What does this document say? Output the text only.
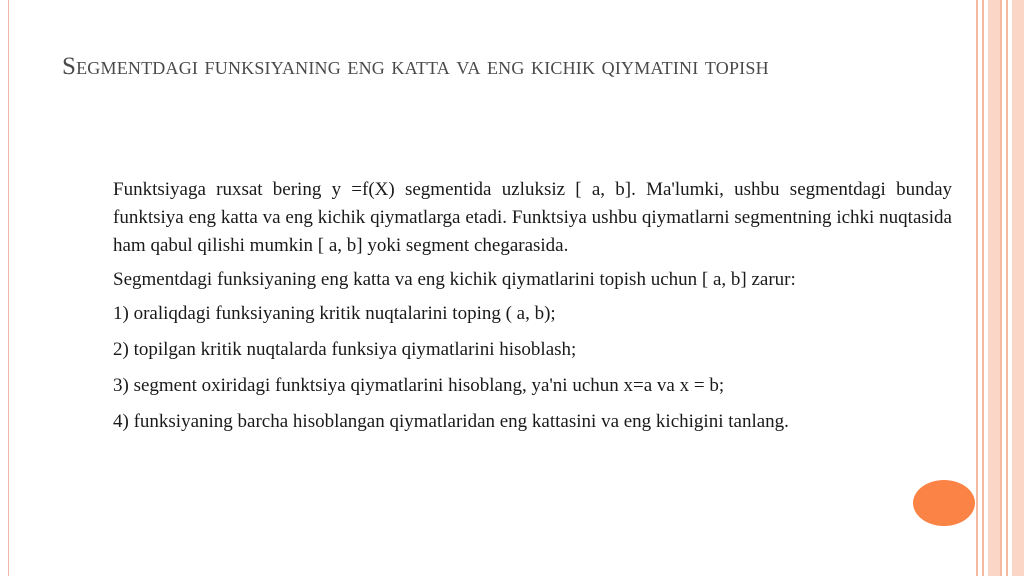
Segmentdagi funksiyaning eng katta va eng kichik qiymatini topish

Funktsiyaga ruxsat bering y =f(X) segmentida uzluksiz [ a, b]. Ma'lumki, ushbu segmentdagi bunday funktsiya eng katta va eng kichik qiymatlarga etadi. Funktsiya ushbu qiymatlarni segmentning ichki nuqtasida ham qabul qilishi mumkin [ a, b] yoki segment chegarasida.

Segmentdagi funksiyaning eng katta va eng kichik qiymatlarini topish uchun [ a, b] zarur:

1) oraliqdagi funksiyaning kritik nuqtalarini toping ( a, b);

2) topilgan kritik nuqtalarda funksiya qiymatlarini hisoblash;

3) segment oxiridagi funktsiya qiymatlarini hisoblang, ya'ni uchun x=a va x = b;

4) funksiyaning barcha hisoblangan qiymatlaridan eng kattasini va eng kichigini tanlang.
